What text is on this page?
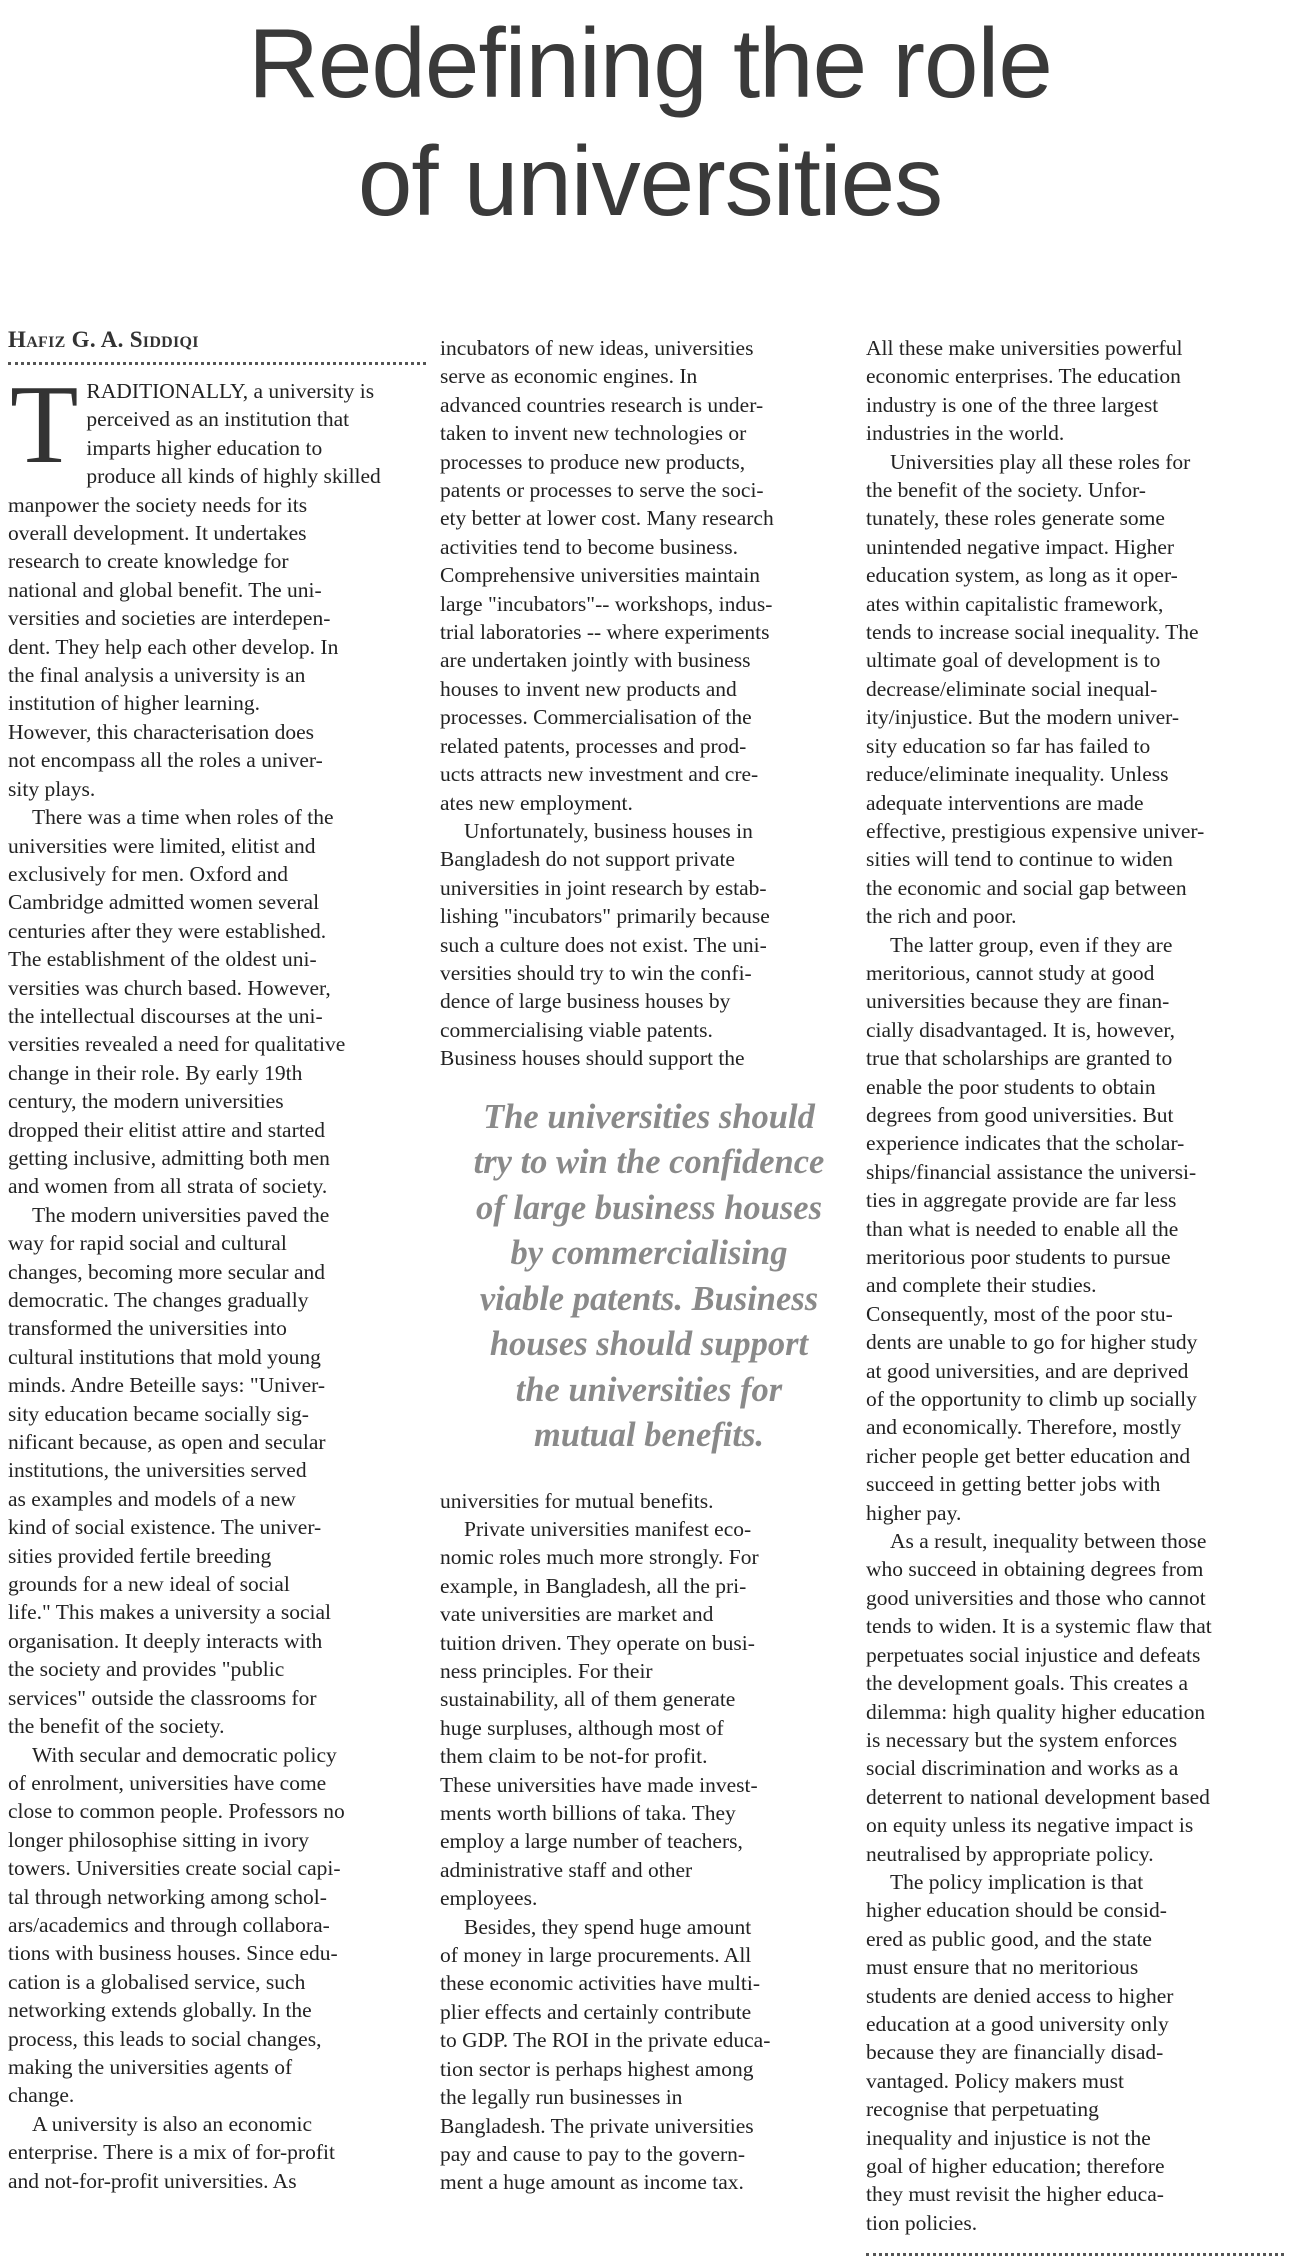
Redefining the role
of universities
Hafiz G. A. Siddiqi
T RADITIONALLY, a university is
perceived as an institution that
imparts higher education to
produce all kinds of highly skilled
manpower the society needs for its
overall development. It undertakes
research to create knowledge for
national and global benefit. The uni-
versities and societies are interdepen-
dent. They help each other develop. In
the final analysis a university is an
institution of higher learning.
However, this characterisation does
not encompass all the roles a univer-
sity plays.
There was a time when roles of the
universities were limited, elitist and
exclusively for men. Oxford and
Cambridge admitted women several
centuries after they were established.
The establishment of the oldest uni-
versities was church based. However,
the intellectual discourses at the uni-
versities revealed a need for qualitative
change in their role. By early 19th
century, the modern universities
dropped their elitist attire and started
getting inclusive, admitting both men
and women from all strata of society.
The modern universities paved the
way for rapid social and cultural
changes, becoming more secular and
democratic. The changes gradually
transformed the universities into
cultural institutions that mold young
minds. Andre Beteille says: "Univer-
sity education became socially sig-
nificant because, as open and secular
institutions, the universities served
as examples and models of a new
kind of social existence. The univer-
sities provided fertile breeding
grounds for a new ideal of social
life." This makes a university a social
organisation. It deeply interacts with
the society and provides "public
services" outside the classrooms for
the benefit of the society.
With secular and democratic policy
of enrolment, universities have come
close to common people. Professors no
longer philosophise sitting in ivory
towers. Universities create social capi-
tal through networking among schol-
ars/academics and through collabora-
tions with business houses. Since edu-
cation is a globalised service, such
networking extends globally. In the
process, this leads to social changes,
making the universities agents of
change.
A university is also an economic
enterprise. There is a mix of for-profit
and not-for-profit universities. As
incubators of new ideas, universities
serve as economic engines. In
advanced countries research is under-
taken to invent new technologies or
processes to produce new products,
patents or processes to serve the soci-
ety better at lower cost. Many research
activities tend to become business.
Comprehensive universities maintain
large "incubators"-- workshops, indus-
trial laboratories -- where experiments
are undertaken jointly with business
houses to invent new products and
processes. Commercialisation of the
related patents, processes and prod-
ucts attracts new investment and cre-
ates new employment.
Unfortunately, business houses in
Bangladesh do not support private
universities in joint research by estab-
lishing "incubators" primarily because
such a culture does not exist. The uni-
versities should try to win the confi-
dence of large business houses by
commercialising viable patents.
Business houses should support the
The universities should
try to win the confidence
of large business houses
by commercialising
viable patents. Business
houses should support
the universities for
mutual benefits.
universities for mutual benefits.
Private universities manifest eco-
nomic roles much more strongly. For
example, in Bangladesh, all the pri-
vate universities are market and
tuition driven. They operate on busi-
ness principles. For their
sustainability, all of them generate
huge surpluses, although most of
them claim to be not-for profit.
These universities have made invest-
ments worth billions of taka. They
employ a large number of teachers,
administrative staff and other
employees.
Besides, they spend huge amount
of money in large procurements. All
these economic activities have multi-
plier effects and certainly contribute
to GDP. The ROI in the private educa-
tion sector is perhaps highest among
the legally run businesses in
Bangladesh. The private universities
pay and cause to pay to the govern-
ment a huge amount as income tax.
All these make universities powerful
economic enterprises. The education
industry is one of the three largest
industries in the world.
Universities play all these roles for
the benefit of the society. Unfor-
tunately, these roles generate some
unintended negative impact. Higher
education system, as long as it oper-
ates within capitalistic framework,
tends to increase social inequality. The
ultimate goal of development is to
decrease/eliminate social inequal-
ity/injustice. But the modern univer-
sity education so far has failed to
reduce/eliminate inequality. Unless
adequate interventions are made
effective, prestigious expensive univer-
sities will tend to continue to widen
the economic and social gap between
the rich and poor.
The latter group, even if they are
meritorious, cannot study at good
universities because they are finan-
cially disadvantaged. It is, however,
true that scholarships are granted to
enable the poor students to obtain
degrees from good universities. But
experience indicates that the scholar-
ships/financial assistance the universi-
ties in aggregate provide are far less
than what is needed to enable all the
meritorious poor students to pursue
and complete their studies.
Consequently, most of the poor stu-
dents are unable to go for higher study
at good universities, and are deprived
of the opportunity to climb up socially
and economically. Therefore, mostly
richer people get better education and
succeed in getting better jobs with
higher pay.
As a result, inequality between those
who succeed in obtaining degrees from
good universities and those who cannot
tends to widen. It is a systemic flaw that
perpetuates social injustice and defeats
the development goals. This creates a
dilemma: high quality higher education
is necessary but the system enforces
social discrimination and works as a
deterrent to national development based
on equity unless its negative impact is
neutralised by appropriate policy.
The policy implication is that
higher education should be consid-
ered as public good, and the state
must ensure that no meritorious
students are denied access to higher
education at a good university only
because they are financially disad-
vantaged. Policy makers must
recognise that perpetuating
inequality and injustice is not the
goal of higher education; therefore
they must revisit the higher educa-
tion policies.
